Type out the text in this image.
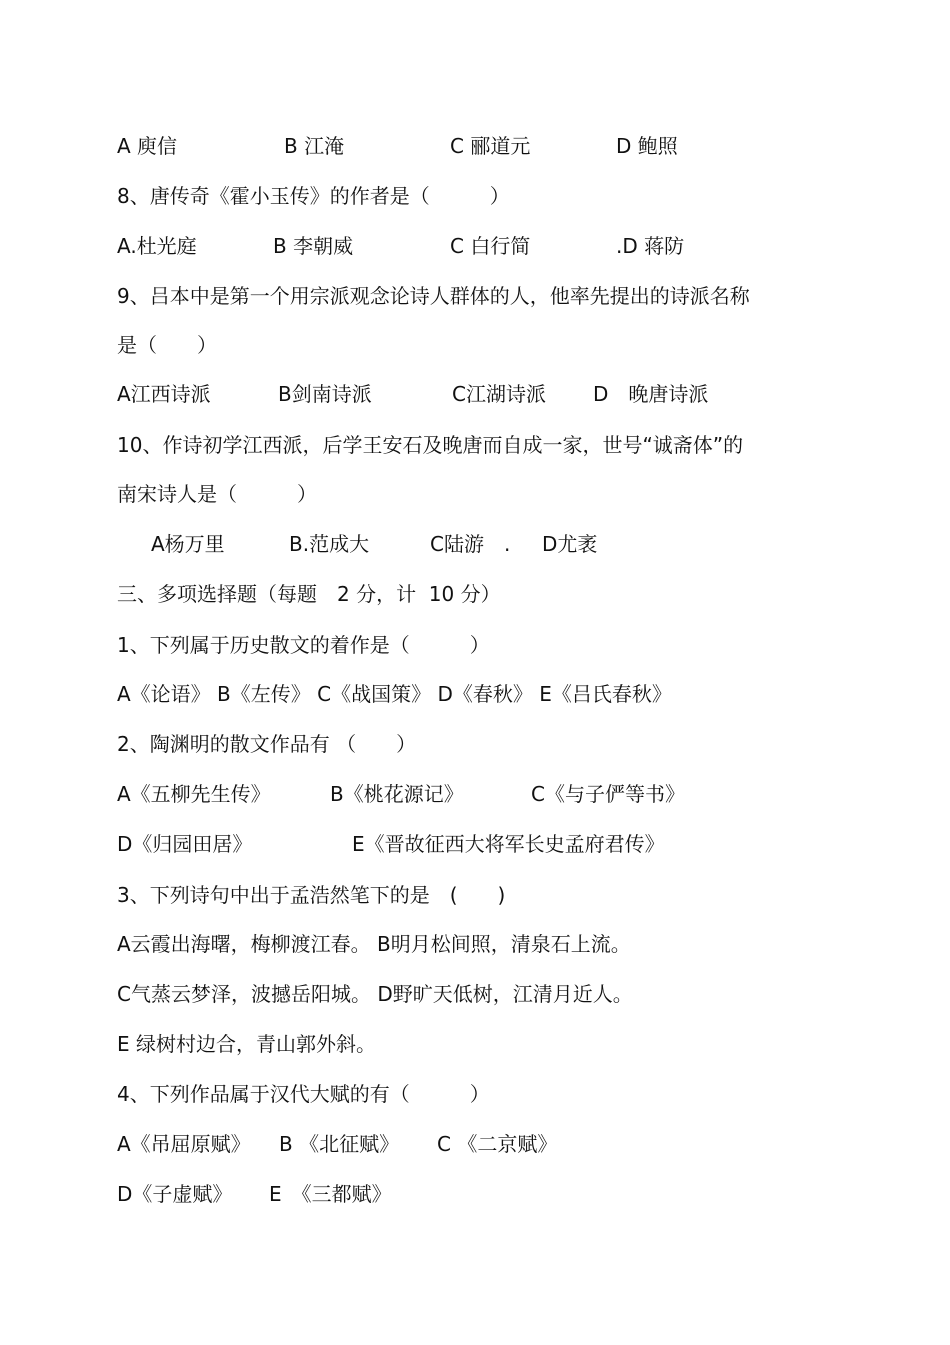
A 庾信	B 江淹	C 郦道元	D 鲍照
8、唐传奇《霍小玉传》的作者是（　　　）
A.杜光庭	B 李朝威	C 白行简	.D 蒋防
9、吕本中是第一个用宗派观念论诗人群体的人，他率先提出的诗派名称
是（　　）
A江西诗派	B剑南诗派	C江湖诗派 D　晚唐诗派
10、作诗初学江西派，后学王安石及晚唐而自成一家，世号“诚斋体”的
南宋诗人是（　　　）
A杨万里	B.范成大	C陆游　. D尤袤
三、多项选择题（每题　2 分，计  10 分）
1、下列属于历史散文的着作是（　　　）
A《论语》 B《左传》 C《战国策》 D《春秋》 E《吕氏春秋》
2、陶渊明的散文作品有 （　　）
A《五柳先生传》	B《桃花源记》	C《与子俨等书》
D《归园田居》	E《晋故征西大将军长史孟府君传》
3、下列诗句中出于孟浩然笔下的是　(　　)
A云霞出海曙，梅柳渡江春。 B明月松间照，清泉石上流。
C气蒸云梦泽，波撼岳阳城。 D野旷天低树，江清月近人。
E 绿树村边合，青山郭外斜。
4、下列作品属于汉代大赋的有（　　　）
A《吊屈原赋》 B 《北征赋》 C 《二京赋》
D《子虚赋》 E　《三都赋》
